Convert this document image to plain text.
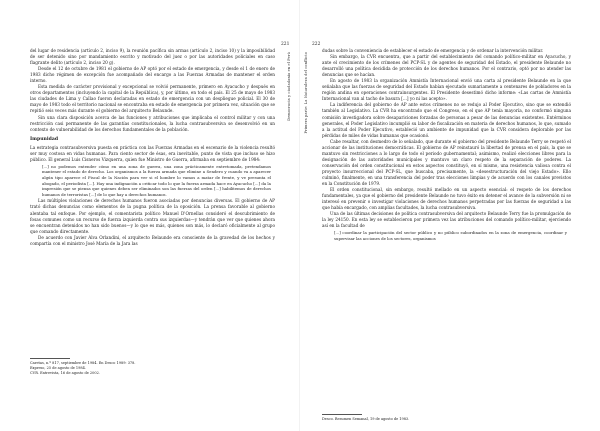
221
Democracia y ciudadanía en el Perú

del lugar de residencia (artículo 2, inciso 9), la reunión pacífica sin armas (artículo 2, inciso 10) y la imposibilidad de ser detenido sino por mandamiento escrito y motivado del juez o por las autoridades policiales en caso flagrante delito (artículo 2, inciso 20 g).

Desde el 12 de octubre de 1981 el gobierno de AP optó por el estado de emergencia, y desde el 1 de enero de 1983 dicho régimen de excepción fue acompañado del encargo a las Fuerzas Armadas de mantener el orden interno.

Esta medida de carácter provisional y excepcional se volvió permanente, primero en Ayacucho y después en otros departamentos (incluyendo la capital de la República), y, por último, en todo el país. El 25 de mayo de 1983 las ciudades de Lima y Callao fueron declaradas en estado de emergencia con un despliegue policial. El 30 de mayo de 1983 todo el territorio nacional se encontraba en estado de emergencia por primera vez, situación que se repitió seis veces más durante el gobierno del arquitecto Belaunde.

Sin una clara disposición acerca de las funciones y atribuciones que implicaba el control militar y con una restricción casi permanente de las garantías constitucionales, la lucha contrasubversiva se desenvolvió en un contexto de vulnerabilidad de los derechos fundamentales de la población.

Impunidad

La estrategia contrasubversiva puesta en práctica con las Fuerzas Armadas en el escenario de la violencia resultó ser muy costosa en vidas humanas. Para ciento sector de ésas, era inevitable, punto de vista que incluso se hizo público. El general Luis Cisneros Vizquerra, quien fue Ministro de Guerra, afirmaba en septiembre de 1984:

[...] no podemos entender cómo en una zona de guerra, una zona prácticamente entretomada, pretendamos mantener el estado de derecho. Los organismos a la fuerza armada que elimine a Sendero y cuando va a aparecer algún tipo aparece el Fiscal de la Nación para ver si el hombre lo vamos a matar de frente, y ve presunta el abogado, el periodista [...]. Hay una indignación a criticar todo lo que la fuerza armada hace en Ayacucho [...] da la impresión que se piensa que quienes deben ser eliminados son las fuerzas del orden [...] habilitemos de derechos humanos de terroristas [...] de lo que hay a derechos humanos.

Las múltiples violaciones de derechos humanos fueron asociadas por denuncias diversas. El gobierno de AP trató dichas denuncias como elementos de la pugna política de la oposición. La prensa favorable al gobierno alentaba tal enfoque. Por ejemplo, el comentarista político Manuel D'Ornellas consideró el descubrimiento de fosas comunes como un recurso de fuerza izquierda contra sus izquierdas—y tendrán que ver que quienes ahora se encuentran detenidos no han sido buenos—y lo que es más, quienes son más, lo declaró oficialmente al grupo que comando directamente.

De acuerdo con Javier Alva Orlandini, el arquitecto Belaunde era consciente de la gravedad de los hechos y compartía con el ministro José María de la Jara las

Caretas, n.º 817, septiembre de 1984. En Desco 1989: 378.
Expreso, 25 de agosto de 1984.
CVR. Entrevista, 16 de agosto de 2002.
222
Primera parte: La Naturaleza del conflicto

dudas sobre la conveniencia de establecer el estado de emergencia y de ordenar la intervención militar.

Sin embargo, la CVR encuentra, que a partir del establecimiento del comando político-militar en Ayacucho, y ante el crecimiento de los crímenes del PCP-SL y de agentes de seguridad del Estado, el presidente Belaunde no desarrolló una política decidida de protección de los derechos humanos. Por el contrario, optó por no atender las denuncias que se hacían.

En agosto de 1983 la organización Amnistía Internacional envió una carta al presidente Belaunde en la que señalaba que las fuerzas de seguridad del Estado habían ejecutado sumariamente a centenares de pobladores en la región andina en operaciones contrainsurgentes. El Presidente desestimó dicho informe: «Las cartas de Amnistía Internacional van al tacho de basura [...] yo ni las acepto».

La indiferencia del gobierno de AP ante estos crímenes no se redujo al Poder Ejecutivo, sino que se extendió también al Legislativo. La CVR ha encontrado que el Congreso, en el que AP tenía mayoría, no conformó ninguna comisión investigadora sobre desapariciones forzadas de personas a pesar de las denuncias existentes. Entérminos generales, el Poder Legislativo incumplió su labor de fiscalización en materia de derechos humanos, lo que, sumado a la actitud del Poder Ejecutivo, estableció un ambiente de impunidad que la CVR considera deplorable por las pérdidas de miles de vidas humanas que ocasionó.

Cabe resaltar, con desmedro de lo señalado, que durante el gobierno del presidente Belaunde Terry se respetó el accionar de las instituciones democráticas. El gobierno de AP reinstauró la libertad de prensa en el país, la que se mantuvo sin restricciones a lo largo de todo el periodo gubernamental; asimismo, realizó elecciones libres para la designación de las autoridades municipales y mantuvo un claro respeto de la separación de poderes. La conservación del orden constitucional en estos aspectos constituyó, en sí mismo, una resistencia valiosa contra el proyecto insurreccional del PCP-SL, que buscaba, precisamente, la «desestructuración del viejo Estado». Ello culminó, finalmente, en una transferencia del poder tras elecciones limpias y de acuerdo con los canales previstos en la Constitución de 1979.

El orden constitucional, sin embargo, resultó mellado en un aspecto esencial: el respeto de los derechos fundamentales, ya que el gobierno del presidente Belaunde no tuvo éxito en detener el avance de la subversión ni se interesó en prevenir o investigar violaciones de derechos humanos perpetradas por las fuerzas de seguridad a las que había encargado, con amplias facultades, la lucha contrasubversiva.

Una de las últimas decisiones de política contrasubversiva del arquitecto Belaunde Terry fue la promulgación de la ley 24150. En esta ley se establecieron por primera vez las atribuciones del comando político-militar, ejerciendo así en la facultad de

[...] coordinar la participación del sector público y no público subordinados en la zona de emergencia, coordinar y supervisar las acciones de los sectores, organismos
Desco. Resumen Semanal, 19 de agosto de 1983.
